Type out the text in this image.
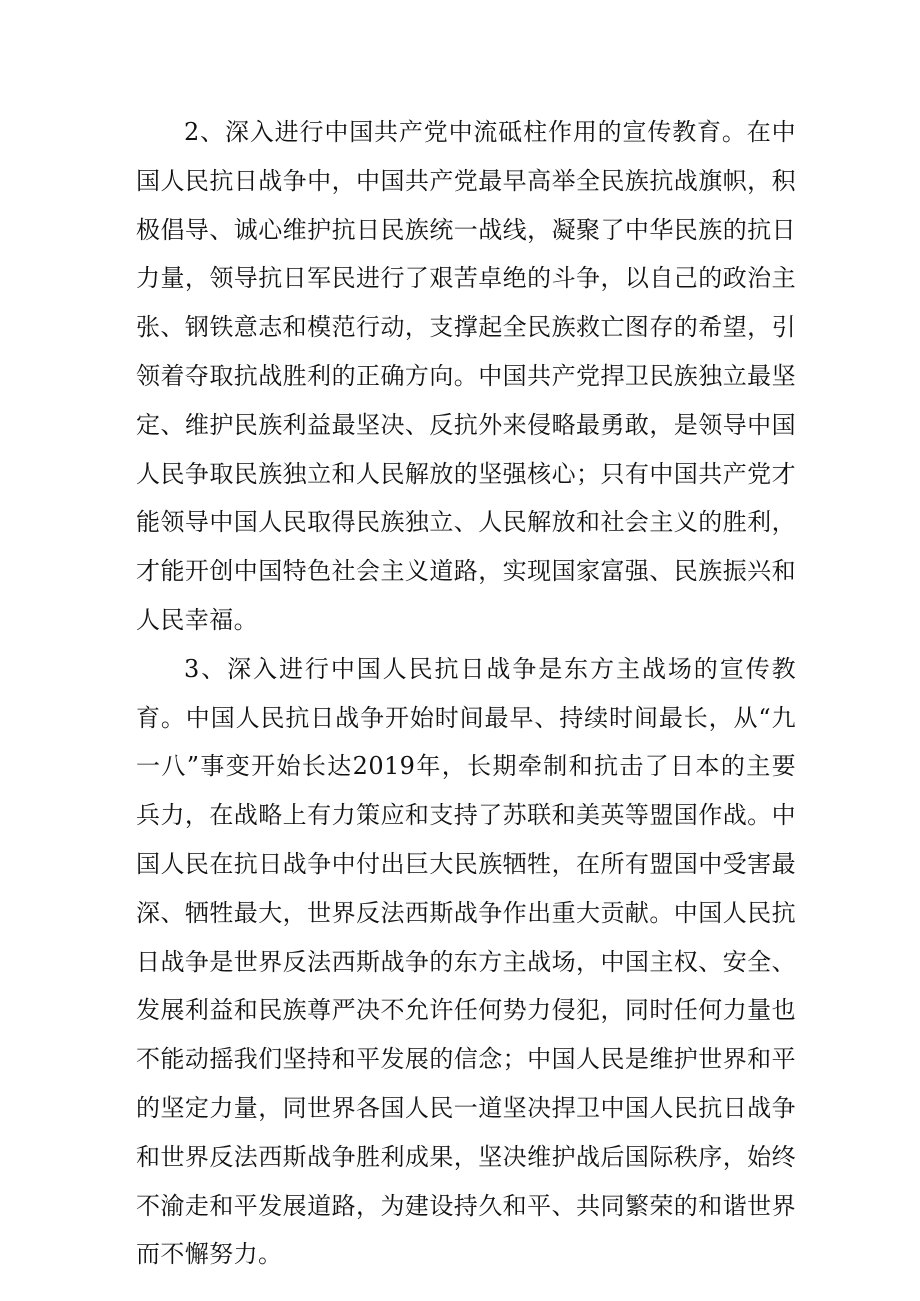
2、深入进行中国共产党中流砥柱作用的宣传教育。在中国人民抗日战争中，中国共产党最早高举全民族抗战旗帜，积极倡导、诚心维护抗日民族统一战线，凝聚了中华民族的抗日力量，领导抗日军民进行了艰苦卓绝的斗争，以自己的政治主张、钢铁意志和模范行动，支撑起全民族救亡图存的希望，引领着夺取抗战胜利的正确方向。中国共产党捍卫民族独立最坚定、维护民族利益最坚决、反抗外来侵略最勇敢，是领导中国人民争取民族独立和人民解放的坚强核心；只有中国共产党才能领导中国人民取得民族独立、人民解放和社会主义的胜利，才能开创中国特色社会主义道路，实现国家富强、民族振兴和人民幸福。

3、深入进行中国人民抗日战争是东方主战场的宣传教育。中国人民抗日战争开始时间最早、持续时间最长，从“九一八”事变开始长达2019年，长期牵制和抗击了日本的主要兵力，在战略上有力策应和支持了苏联和美英等盟国作战。中国人民在抗日战争中付出巨大民族牺牲，在所有盟国中受害最深、牺牲最大，世界反法西斯战争作出重大贡献。中国人民抗日战争是世界反法西斯战争的东方主战场，中国主权、安全、发展利益和民族尊严决不允许任何势力侵犯，同时任何力量也不能动摇我们坚持和平发展的信念；中国人民是维护世界和平的坚定力量，同世界各国人民一道坚决捍卫中国人民抗日战争和世界反法西斯战争胜利成果，坚决维护战后国际秩序，始终不渝走和平发展道路，为建设持久和平、共同繁荣的和谐世界而不懈努力。
